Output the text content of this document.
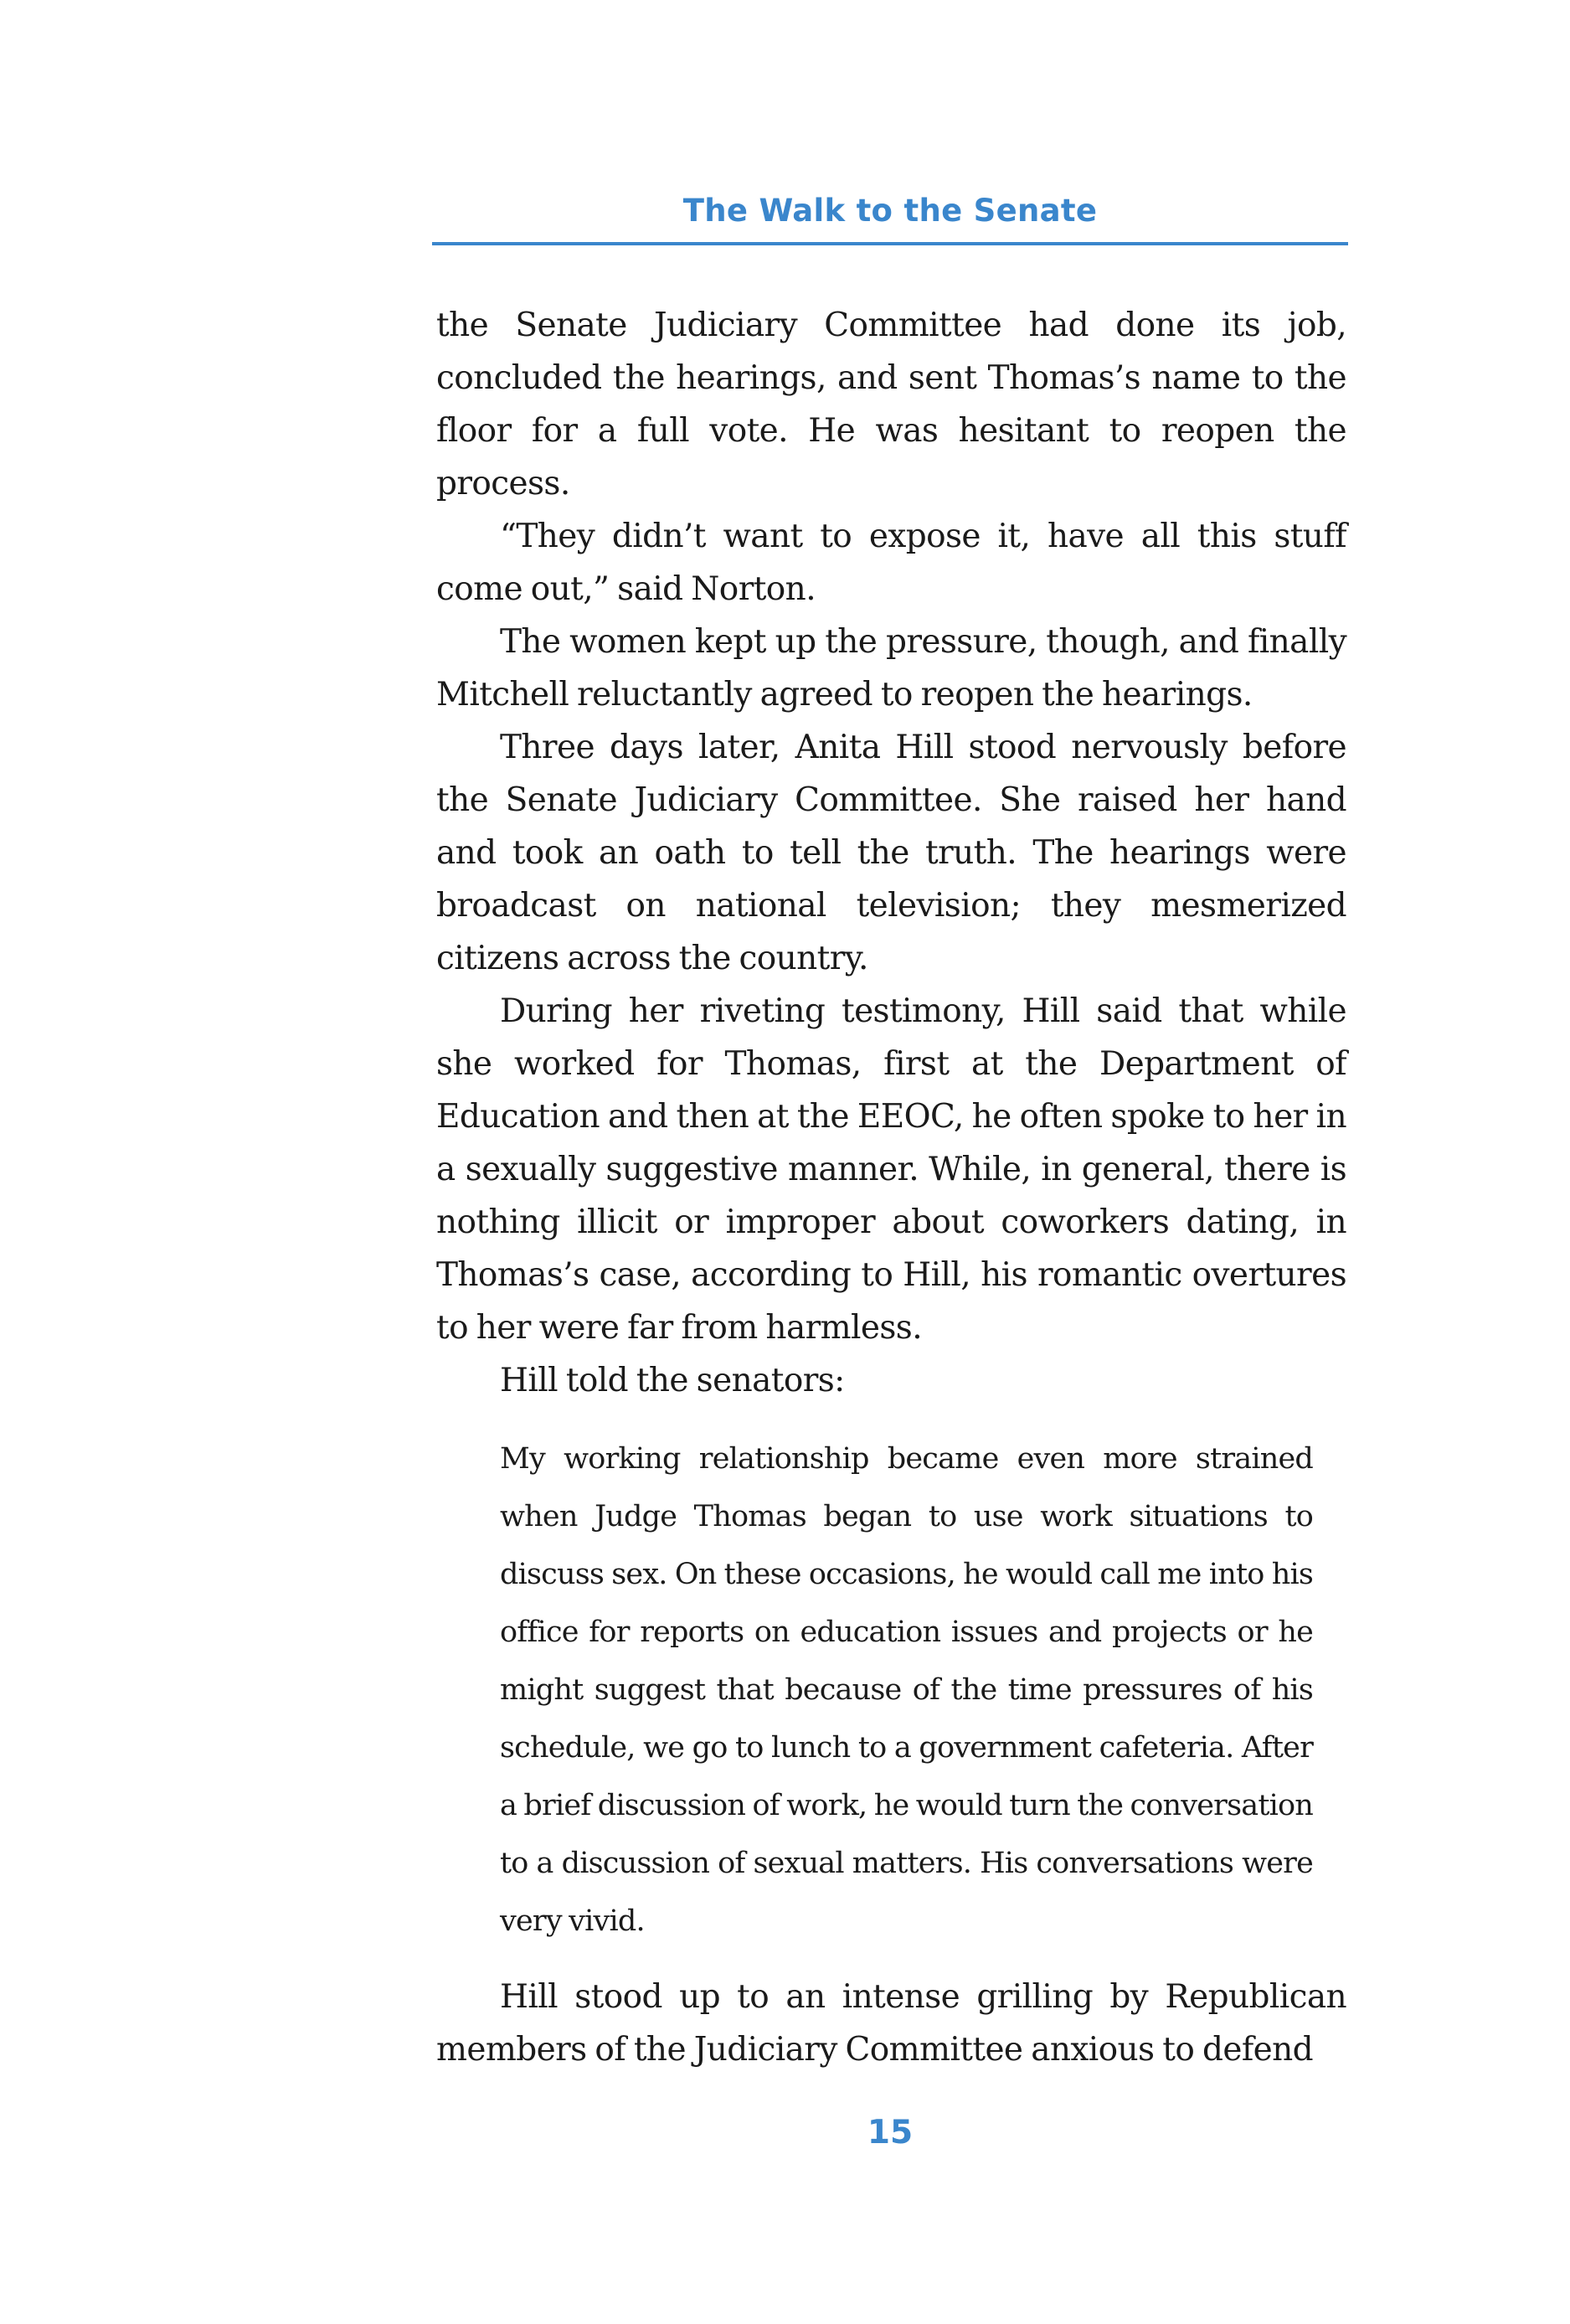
The Walk to the Senate

the Senate Judiciary Committee had done its job, concluded the hearings, and sent Thomas’s name to the floor for a full vote. He was hesitant to reopen the process.

“They didn’t want to expose it, have all this stuff come out,” said Norton.

The women kept up the pressure, though, and finally Mitchell reluctantly agreed to reopen the hearings.

Three days later, Anita Hill stood nervously before the Senate Judiciary Committee. She raised her hand and took an oath to tell the truth. The hearings were broadcast on national television; they mesmerized citizens across the country.

During her riveting testimony, Hill said that while she worked for Thomas, first at the Department of Education and then at the EEOC, he often spoke to her in a sexually suggestive manner. While, in general, there is nothing illicit or improper about coworkers dating, in Thomas’s case, according to Hill, his romantic overtures to her were far from harmless.

Hill told the senators:

My working relationship became even more strained when Judge Thomas began to use work situations to discuss sex. On these occasions, he would call me into his office for reports on education issues and projects or he might suggest that because of the time pressures of his schedule, we go to lunch to a government cafeteria. After a brief discussion of work, he would turn the conversation to a discussion of sexual matters. His conversations were very vivid.

Hill stood up to an intense grilling by Republican members of the Judiciary Committee anxious to defend

15
